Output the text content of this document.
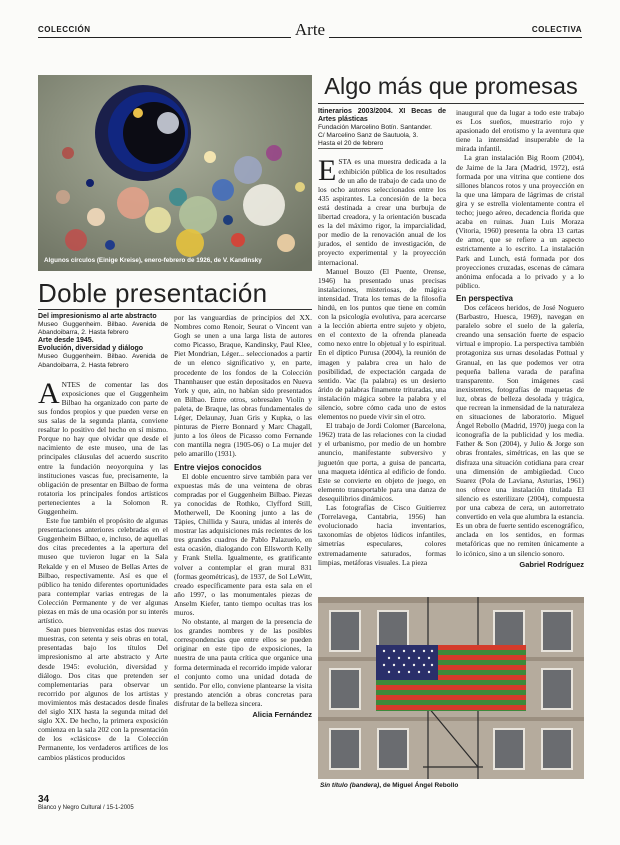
COLECCIÓN	Arte	COLECTIVA
Algunos círculos (Einige Kreise), enero-febrero de 1926, de V. Kandinsky
Doble presentación
Del impresionismo al arte abstracto
Museo Guggenheim. Bilbao. Avenida de Abandoibarra, 2. Hasta febrero
Arte desde 1945.
Evolución, diversidad y diálogo
Museo Guggenheim. Bilbao. Avenida de Abandoibarra, 2. Hasta febrero

ANTES de comentar las dos exposiciones que el Guggenheim Bilbao ha organizado con parte de sus fondos propios y que pueden verse en sus salas de la segunda planta, conviene resaltar lo positivo del hecho en sí mismo. Porque no hay que olvidar que desde el nacimiento de este museo, una de las principales cláusulas del acuerdo suscrito entre la fundación neoyorquina y las instituciones vascas fue, precisamente, la obligación de presentar en Bilbao de forma rotatoria los principales fondos artísticos pertenecientes a la Solomon R. Guggenheim.

Este fue también el propósito de algunas presentaciones anteriores celebradas en el Guggenheim Bilbao, e, incluso, de aquellas dos citas precedentes a la apertura del museo que tuvieron lugar en la Sala Rekalde y en el Museo de Bellas Artes de Bilbao, respectivamente. Así es que el público ha tenido diferentes oportunidades para contemplar varias entregas de la Colección Permanente y de ver algunas piezas en más de una ocasión por su interés artístico.

Sean pues bienvenidas estas dos nuevas muestras, con setenta y seis obras en total, presentadas bajo los títulos Del impresionismo al arte abstracto y Arte desde 1945: evolución, diversidad y diálogo. Dos citas que pretenden ser complementarias para observar un recorrido por algunos de los artistas y movimientos más destacados desde finales del siglo XIX hasta la segunda mitad del siglo XX. De hecho, la primera exposición comienza en la sala 202 con la presentación de los «clásicos» de la Colección Permanente, los verdaderos artífices de los cambios plásticos producidos

por las vanguardias de principios del XX. Nombres como Renoir, Seurat o Vincent van Gogh se unen a una larga lista de autores como Picasso, Braque, Kandinsky, Paul Klee, Piet Mondrian, Léger... seleccionados a partir de un elenco significativo y, en parte, procedente de los fondos de la Colección Thannhauser que están depositados en Nueva York y que, aún, no habían sido presentados en Bilbao. Entre otros, sobresalen Violín y paleta, de Braque, las obras fundamentales de Léger, Delaunay, Juan Gris y Kupka, o las pinturas de Pierre Bonnard y Marc Chagall, junto a los óleos de Picasso como Fernande con mantilla negra (1905-06) o La mujer del pelo amarillo (1931).

Entre viejos conocidos

El doble encuentro sirve también para ver expuestas más de una veintena de obras compradas por el Guggenheim Bilbao. Piezas ya conocidas de Rothko, Clyfford Still, Motherwell, De Kooning junto a las de Tàpies, Chillida y Saura, unidas al interés de mostrar las adquisiciones más recientes de los tres grandes cuadros de Pablo Palazuelo, en esta ocasión, dialogando con Ellsworth Kelly y Frank Stella. Igualmente, es gratificante volver a contemplar el gran mural 831 (formas geométricas), de 1937, de Sol LeWitt, creado específicamente para esta sala en el año 1997, o las monumentales piezas de Anselm Kiefer, tanto tiempo ocultas tras los muros.

No obstante, al margen de la presencia de los grandes nombres y de las posibles correspondencias que entre ellos se pueden originar en este tipo de exposiciones, la nuestra de una pauta crítica que organice una forma determinada el recorrido impide valorar el conjunto como una unidad dotada de sentido. Por ello, conviene plantearse la visita prestando atención a obras concretas para disfrutar de la belleza sincera.

Alicia Fernández

Algo más que promesas
Itinerarios 2003/2004. XI Becas de Artes plásticas
Fundación Marcelino Botín. Santander.
C/ Marcelino Sanz de Sautuola, 3.
Hasta el 20 de febrero

ESTA es una muestra dedicada a la exhibición pública de los resultados de un año de trabajo de cada uno de los ocho autores seleccionados entre los 435 aspirantes. La concesión de la beca está destinada a crear una burbuja de libertad creadora, y la orientación buscada es la del máximo rigor, la imparcialidad, por medio de la renovación anual de los jurados, el sentido de investigación, de proyecto experimental y la proyección internacional.

Manuel Bouzo (El Puente, Orense, 1946) ha presentado unas precisas instalaciones, misteriosas, de mágica intensidad. Trata los temas de la filosofía hindú, en los puntos que tiene en común con la psicología evolutiva, para acercarse a la lección abierta entre sujeto y objeto, en el contexto de la ofrenda planeada como nexo entre lo objetual y lo espiritual. En el díptico Purusa (2004), la reunión de imagen y palabra crea un halo de posibilidad, de expectación cargada de sentido. Vac (la palabra) es un desierto árido de palabras finamente trituradas, una instalación mágica sobre la palabra y el silencio, sobre cómo cada uno de estos elementos no puede vivir sin el otro.

El trabajo de Jordi Colomer (Barcelona, 1962) trata de las relaciones con la ciudad y el urbanismo, por medio de un hombre anuncio, manifestante subversivo y juguetón que porta, a guisa de pancarta, una maqueta idéntica al edificio de fondo. Este se convierte en objeto de juego, en elemento transportable para una danza de desequilibrios dinámicos.

Las fotografías de Cisco Guitierrez (Torrelavega, Cantabria, 1956) han evolucionado hacia inventarios, taxonomías de objetos lúdicos infantiles, simetrías especulares, colores extremadamente saturados, formas limpias, metáforas visuales. La pieza

inaugural que da lugar a todo este trabajo es Los sueños, muestrario rojo y apasionado del erotismo y la aventura que tiene la intensidad insuperable de la mirada infantil.

La gran instalación Big Room (2004), de Jaime de la Jara (Madrid, 1972), está formada por una vitrina que contiene dos sillones blancos rotos y una proyección en la que una lámpara de lágrimas de cristal gira y se estrella violentamente contra el techo; juego aéreo, decadencia florida que acaba en ruinas. Juan Luis Moraza (Vitoria, 1960) presenta la obra 13 cartas de amor, que se refiere a un aspecto estrictamente a lo escrito. La instalación Park and Lunch, está formada por dos proyecciones cruzadas, escenas de cámara anónima enfocada a lo privado y a lo público.

En perspectiva

Dos cefáceos heridos, de José Noguero (Barbastro, Huesca, 1969), navegan en paralelo sobre el suelo de la galería, creando una sensación fuerte de espacio virtual e impropio. La perspectiva también protagoniza sus urnas desoladas Pottual y Granual, en las que podemos ver otra pequeña ballena varada de parafina transparente. Son imágenes casi inexistentes, fotografías de maquetas de luz, obras de belleza desolada y trágica, que recrean la inmensidad de la naturaleza en situaciones de laboratorio. Miguel Ángel Rebollo (Madrid, 1970) juega con la iconografía de la publicidad y los media. Father & Son (2004), y Julio & Jorge son obras frontales, simétricas, en las que se disfraza una situación cotidiana para crear una dimensión de ambigüedad. Cuco Suarez (Pola de Laviana, Asturias, 1961) nos ofrece una instalación titulada El silencio es esterilizare (2004), compuesta por una cabeza de cera, un autorretrato convertido en vela que alumbra la estancia. Es un obra de fuerte sentido escenográfico, anclada en los sentidos, en formas metafóricas que no remiten únicamente a lo icónico, sino a un silencio sonoro.

Gabriel Rodríguez

Sin título (bandera), de Miguel Ángel Rebollo
34
Blanco y Negro Cultural / 15-1-2005
